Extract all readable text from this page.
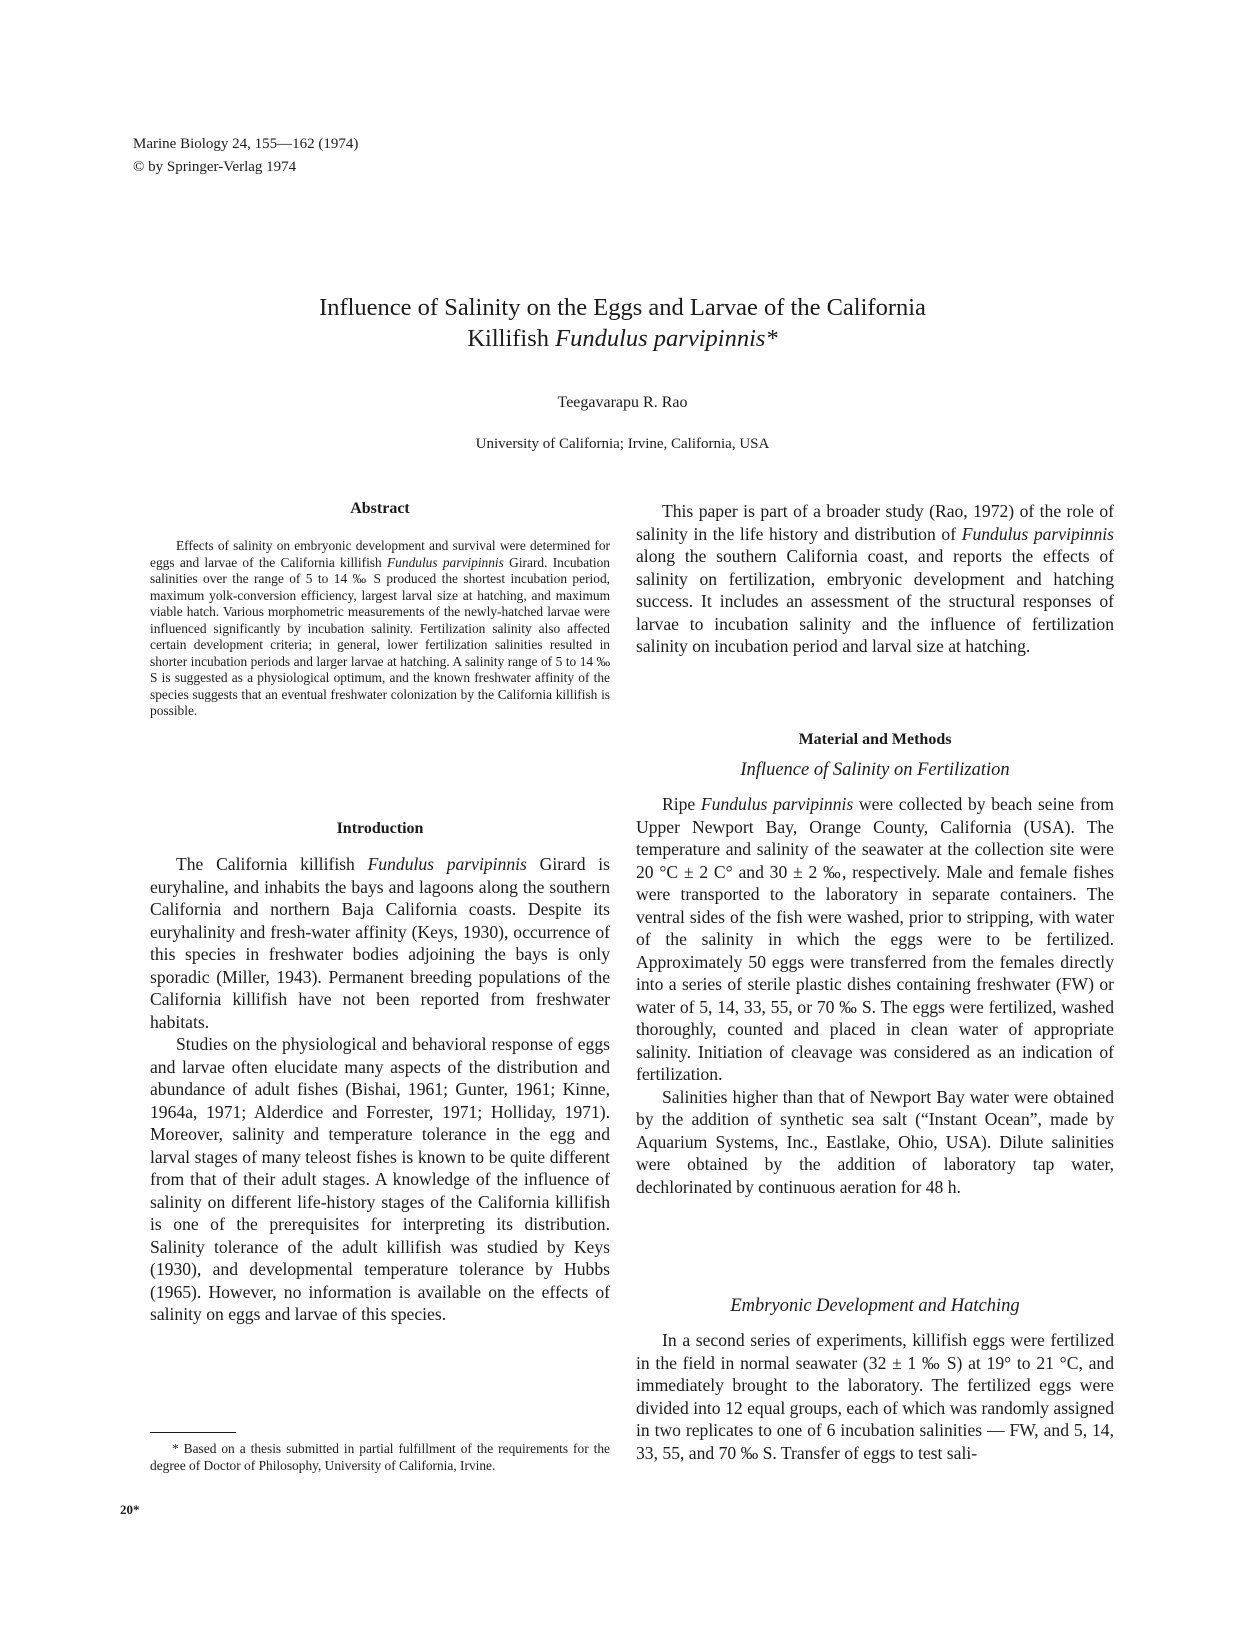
Marine Biology 24, 155—162 (1974)
© by Springer-Verlag 1974
Influence of Salinity on the Eggs and Larvae of the California
Killifish Fundulus parvipinnis*
Teegavarapu R. Rao
University of California; Irvine, California, USA
Abstract

Effects of salinity on embryonic development and survival were determined for eggs and larvae of the California killifish Fundulus parvipinnis Girard. Incubation salinities over the range of 5 to 14 ‰ S produced the shortest incubation period, maximum yolk-conversion efficiency, largest larval size at hatching, and maximum viable hatch. Various morphometric measurements of the newly-hatched larvae were influenced significantly by incubation salinity. Fertilization salinity also affected certain development criteria; in general, lower fertilization salinities resulted in shorter incubation periods and larger larvae at hatching. A salinity range of 5 to 14 ‰ S is suggested as a physiological optimum, and the known freshwater affinity of the species suggests that an eventual freshwater colonization by the California killifish is possible.

Introduction

The California killifish Fundulus parvipinnis Girard is euryhaline, and inhabits the bays and lagoons along the southern California and northern Baja California coasts. Despite its euryhalinity and fresh-water affinity (Keys, 1930), occurrence of this species in freshwater bodies adjoining the bays is only sporadic (Miller, 1943). Permanent breeding populations of the California killifish have not been reported from freshwater habitats.

Studies on the physiological and behavioral response of eggs and larvae often elucidate many aspects of the distribution and abundance of adult fishes (Bishai, 1961; Gunter, 1961; Kinne, 1964a, 1971; Alderdice and Forrester, 1971; Holliday, 1971). Moreover, salinity and temperature tolerance in the egg and larval stages of many teleost fishes is known to be quite different from that of their adult stages. A knowledge of the influence of salinity on different life-history stages of the California killifish is one of the prerequisites for interpreting its distribution. Salinity tolerance of the adult killifish was studied by Keys (1930), and developmental temperature tolerance by Hubbs (1965). However, no information is available on the effects of salinity on eggs and larvae of this species.

* Based on a thesis submitted in partial fulfillment of the requirements for the degree of Doctor of Philosophy, University of California, Irvine.

20*

This paper is part of a broader study (Rao, 1972) of the role of salinity in the life history and distribution of Fundulus parvipinnis along the southern California coast, and reports the effects of salinity on fertilization, embryonic development and hatching success. It includes an assessment of the structural responses of larvae to incubation salinity and the influence of fertilization salinity on incubation period and larval size at hatching.

Material and Methods
Influence of Salinity on Fertilization

Ripe Fundulus parvipinnis were collected by beach seine from Upper Newport Bay, Orange County, California (USA). The temperature and salinity of the seawater at the collection site were 20 °C ± 2 C° and 30 ± 2 ‰, respectively. Male and female fishes were transported to the laboratory in separate containers. The ventral sides of the fish were washed, prior to stripping, with water of the salinity in which the eggs were to be fertilized. Approximately 50 eggs were transferred from the females directly into a series of sterile plastic dishes containing freshwater (FW) or water of 5, 14, 33, 55, or 70 ‰ S. The eggs were fertilized, washed thoroughly, counted and placed in clean water of appropriate salinity. Initiation of cleavage was considered as an indication of fertilization.

Salinities higher than that of Newport Bay water were obtained by the addition of synthetic sea salt (“Instant Ocean”, made by Aquarium Systems, Inc., Eastlake, Ohio, USA). Dilute salinities were obtained by the addition of laboratory tap water, dechlorinated by continuous aeration for 48 h.

Embryonic Development and Hatching

In a second series of experiments, killifish eggs were fertilized in the field in normal seawater (32 ± 1 ‰ S) at 19° to 21 °C, and immediately brought to the laboratory. The fertilized eggs were divided into 12 equal groups, each of which was randomly assigned in two replicates to one of 6 incubation salinities — FW, and 5, 14, 33, 55, and 70 ‰ S. Transfer of eggs to test sali-
